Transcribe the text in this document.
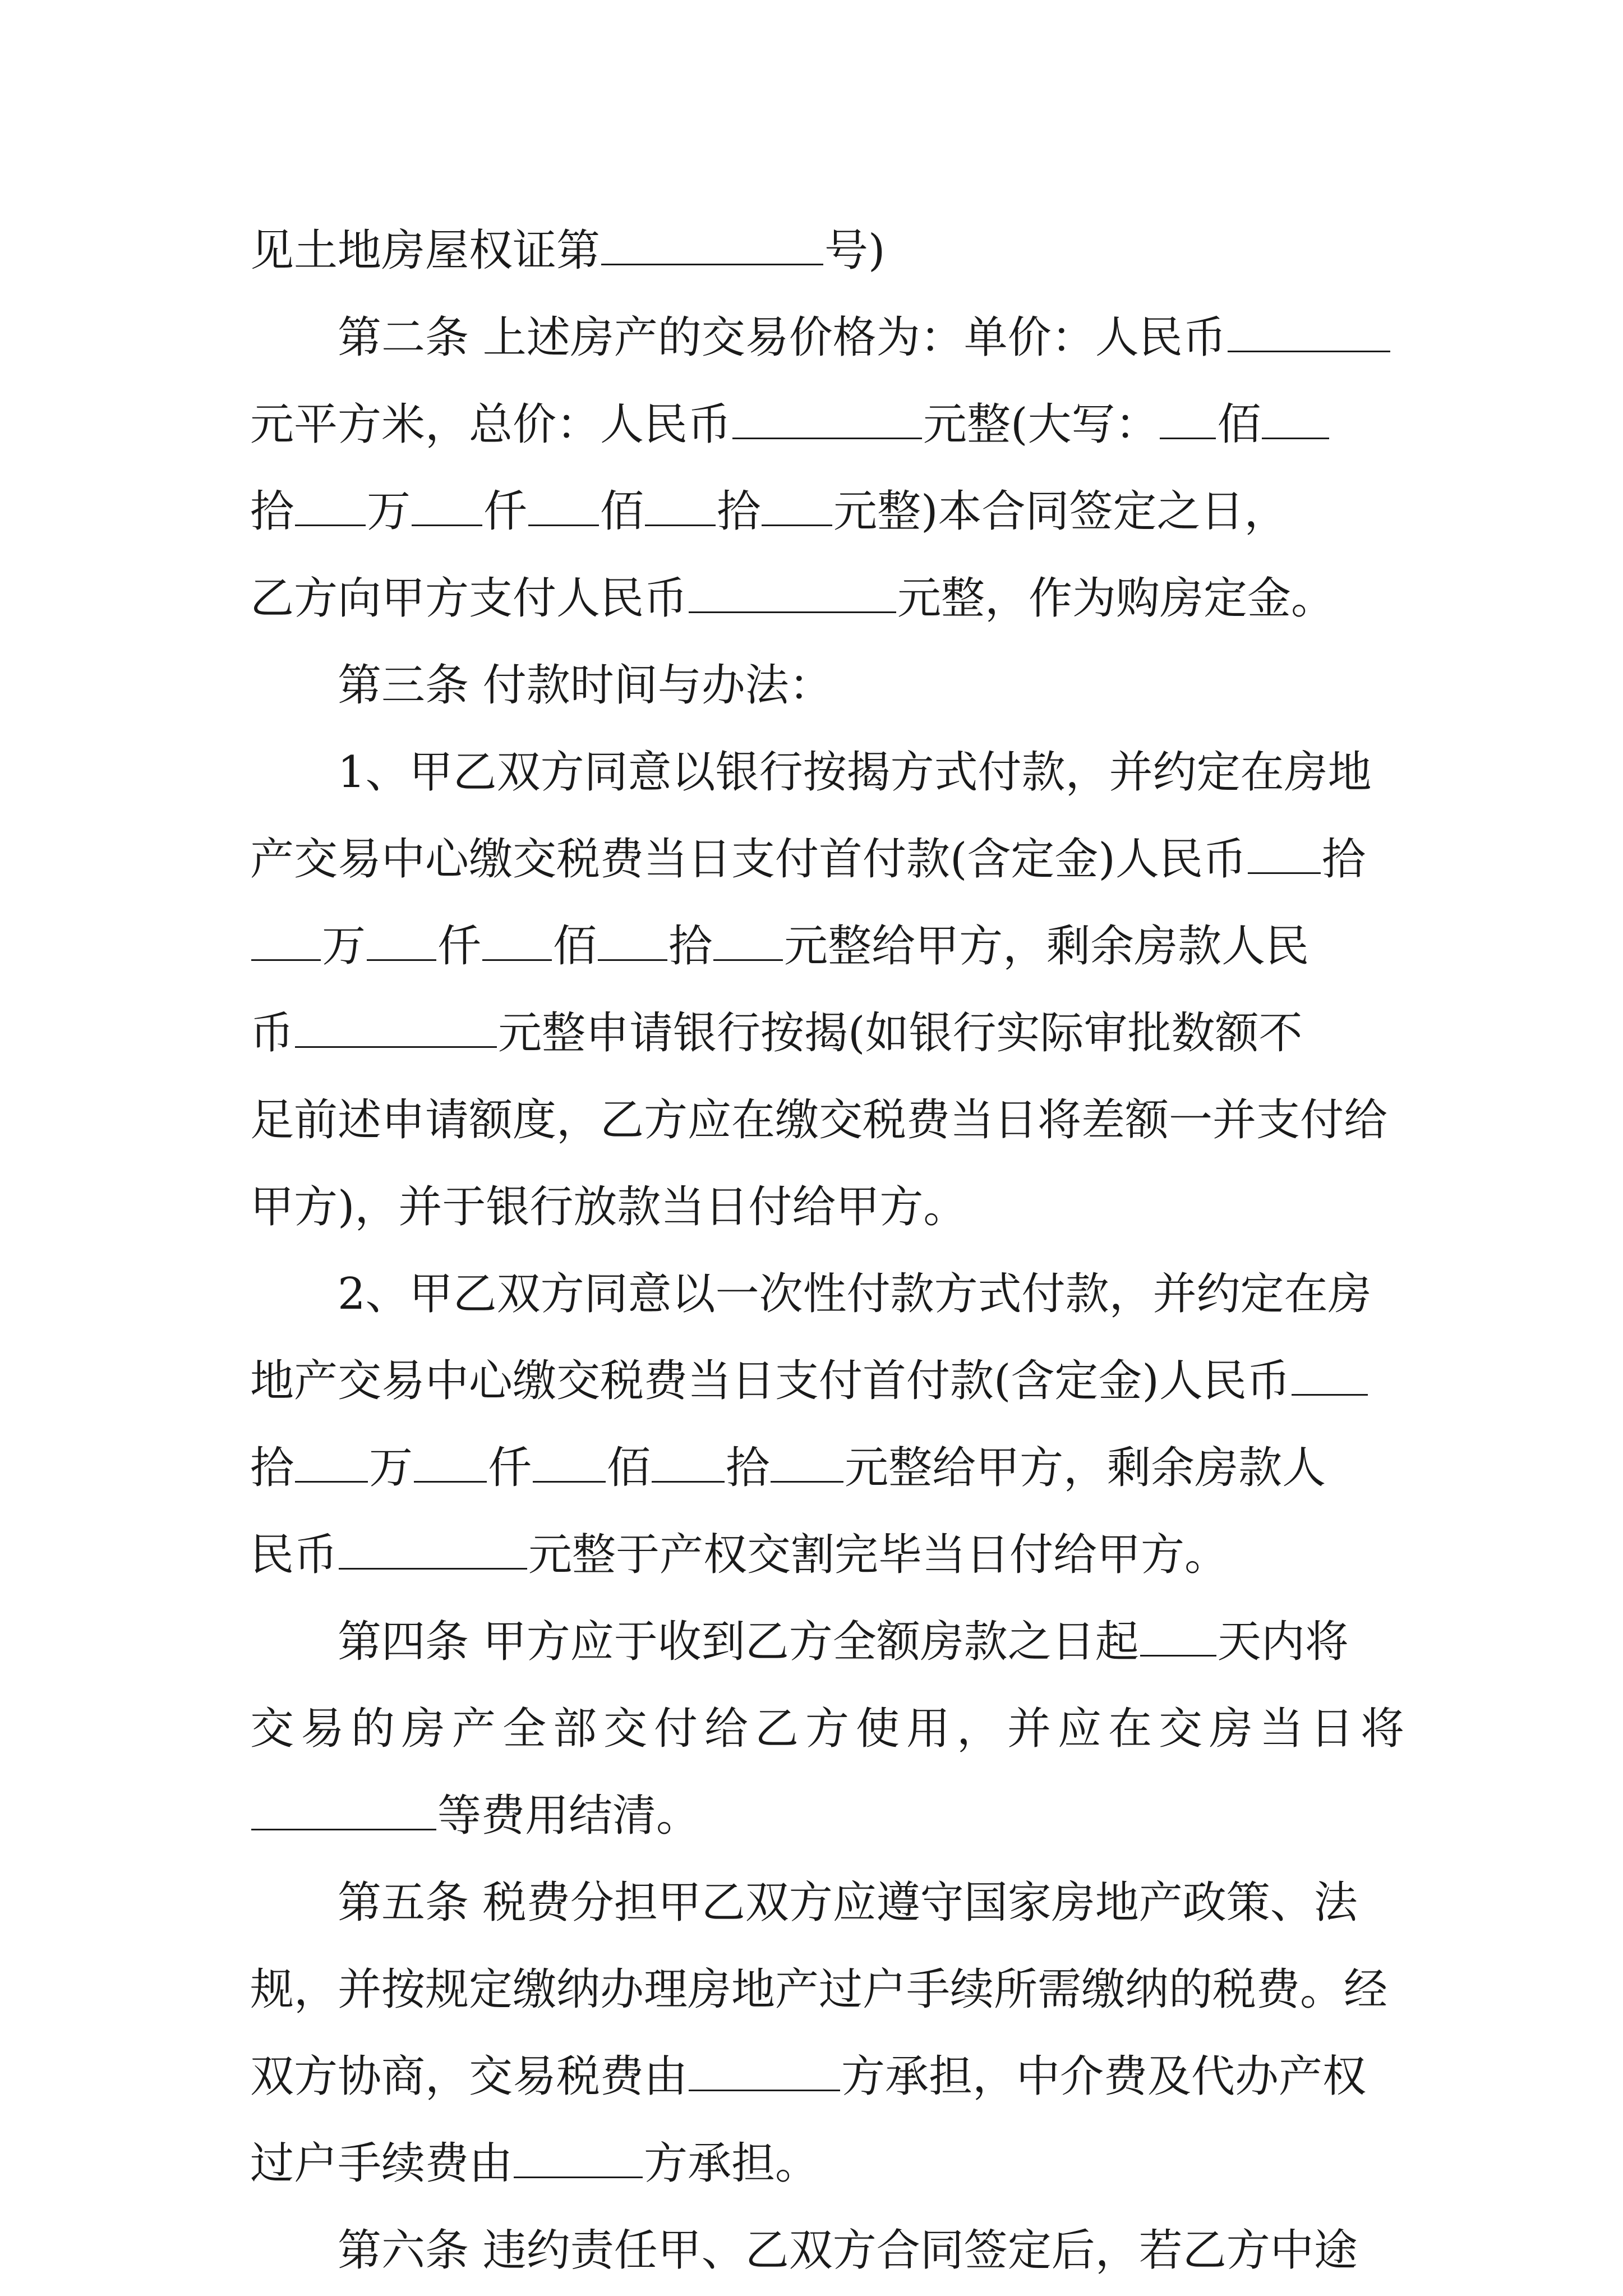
见土地房屋权证第	号)
第二条 上述房产的交易价格为：单价：人民币
元平方米，总价：人民币	元整(大写： 佰
拾 万 仟 佰 拾 元整)本合同签定之日，
乙方向甲方支付人民币	元整，作为购房定金。
第三条 付款时间与办法：
1、甲乙双方同意以银行按揭方式付款，并约定在房地
产交易中心缴交税费当日支付首付款(含定金)人民币 拾
万 仟 佰 拾 元整给甲方，剩余房款人民
币	元整申请银行按揭(如银行实际审批数额不
足前述申请额度，乙方应在缴交税费当日将差额一并支付给
甲方)，并于银行放款当日付给甲方。
2、甲乙双方同意以一次性付款方式付款，并约定在房
地产交易中心缴交税费当日支付首付款(含定金)人民币
拾 万 仟 佰 拾 元整给甲方，剩余房款人
民币	元整于产权交割完毕当日付给甲方。
第四条 甲方应于收到乙方全额房款之日起 天内将
交易的房产全部交付给乙方使用，并应在交房当日将
等费用结清。
第五条 税费分担甲乙双方应遵守国家房地产政策、法
规，并按规定缴纳办理房地产过户手续所需缴纳的税费。经
双方协商，交易税费由	方承担，中介费及代办产权
过户手续费由	方承担。
第六条 违约责任甲、乙双方合同签定后，若乙方中途
